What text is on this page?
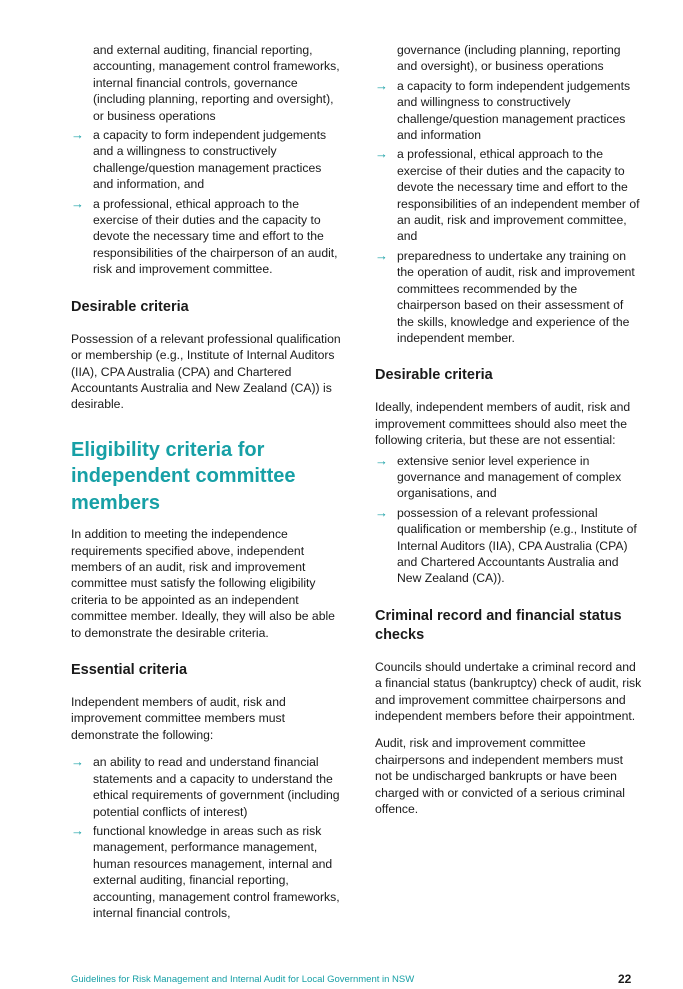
and external auditing, financial reporting, accounting, management control frameworks, internal financial controls, governance (including planning, reporting and oversight), or business operations
→ a capacity to form independent judgements and a willingness to constructively challenge/question management practices and information, and
→ a professional, ethical approach to the exercise of their duties and the capacity to devote the necessary time and effort to the responsibilities of the chairperson of an audit, risk and improvement committee.
Desirable criteria

Possession of a relevant professional qualification or membership (e.g., Institute of Internal Auditors (IIA), CPA Australia (CPA) and Chartered Accountants Australia and New Zealand (CA)) is desirable.

Eligibility criteria for independent committee members

In addition to meeting the independence requirements specified above, independent members of an audit, risk and improvement committee must satisfy the following eligibility criteria to be appointed as an independent committee member. Ideally, they will also be able to demonstrate the desirable criteria.

Essential criteria

Independent members of audit, risk and improvement committee members must demonstrate the following:

→ an ability to read and understand financial statements and a capacity to understand the ethical requirements of government (including potential conflicts of interest)
→ functional knowledge in areas such as risk management, performance management, human resources management, internal and external auditing, financial reporting, accounting, management control frameworks, internal financial controls,
governance (including planning, reporting and oversight), or business operations
→ a capacity to form independent judgements and willingness to constructively challenge/question management practices and information
→ a professional, ethical approach to the exercise of their duties and the capacity to devote the necessary time and effort to the responsibilities of an independent member of an audit, risk and improvement committee, and
→ preparedness to undertake any training on the operation of audit, risk and improvement committees recommended by the chairperson based on their assessment of the skills, knowledge and experience of the independent member.
Desirable criteria

Ideally, independent members of audit, risk and improvement committees should also meet the following criteria, but these are not essential:

→ extensive senior level experience in governance and management of complex organisations, and
→ possession of a relevant professional qualification or membership (e.g., Institute of Internal Auditors (IIA), CPA Australia (CPA) and Chartered Accountants Australia and New Zealand (CA)).
Criminal record and financial status checks

Councils should undertake a criminal record and a financial status (bankruptcy) check of audit, risk and improvement committee chairpersons and independent members before their appointment.

Audit, risk and improvement committee chairpersons and independent members must not be undischarged bankrupts or have been charged with or convicted of a serious criminal offence.

Guidelines for Risk Management and Internal Audit for Local Government in NSW	22
